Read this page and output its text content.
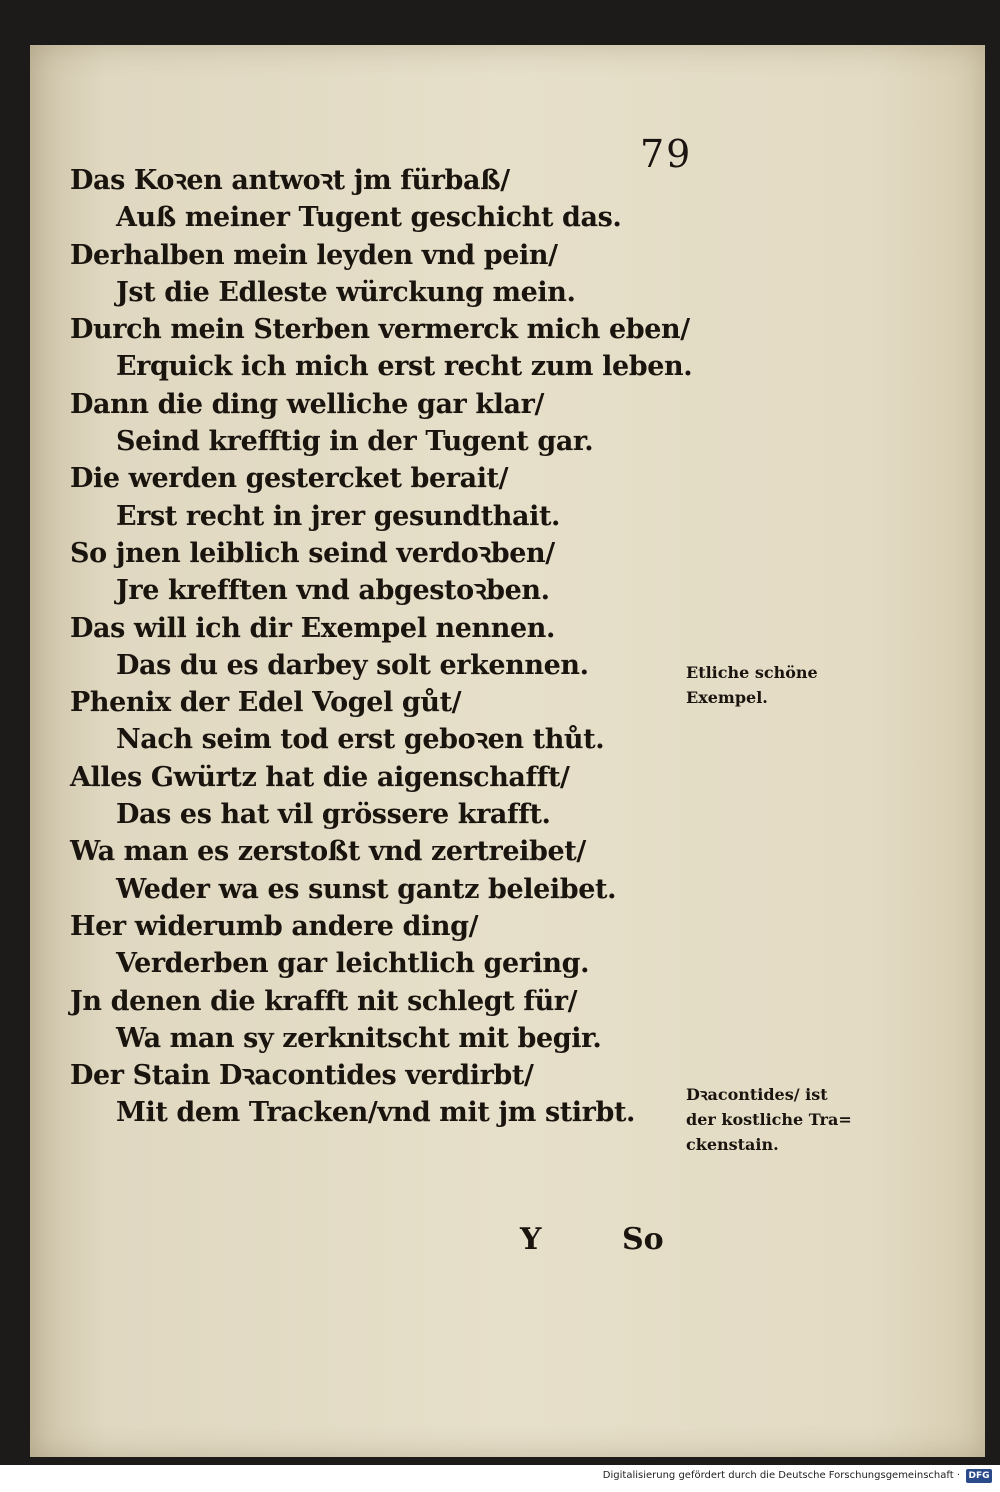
79
Das Koꝛen antwoꝛt jm fürbaß/
Auß meiner Tugent geschicht das.
Derhalben mein leyden vnd pein/
Jst die Edleste würckung mein.
Durch mein Sterben vermerck mich eben/
Erquick ich mich erst recht zum leben.
Dann die ding welliche gar klar/
Seind krefftig in der Tugent gar.
Die werden gestercket berait/
Erst recht in jrer gesundthait.
So jnen leiblich seind verdoꝛben/
Jre krefften vnd abgestoꝛben.
Das will ich dir Exempel nennen.
Das du es darbey solt erkennen.
Phenix der Edel Vogel gůt/
Nach seim tod erst geboꝛen thůt.
Alles Gwürtz hat die aigenschafft/
Das es hat vil grössere krafft.
Wa man es zerstoßt vnd zertreibet/
Weder wa es sunst gantz beleibet.
Her widerumb andere ding/
Verderben gar leichtlich gering.
Jn denen die krafft nit schlegt für/
Wa man sy zerknitscht mit begir.
Der Stain Dꝛacontides verdirbt/
Mit dem Tracken/vnd mit jm stirbt.
Etliche schöne
Exempel.
Dꝛacontides/ ist
der kostliche Tra=
ckenstain.
Y	So
Digitalisierung gefördert durch die Deutsche Forschungsgemeinschaft · DFG
